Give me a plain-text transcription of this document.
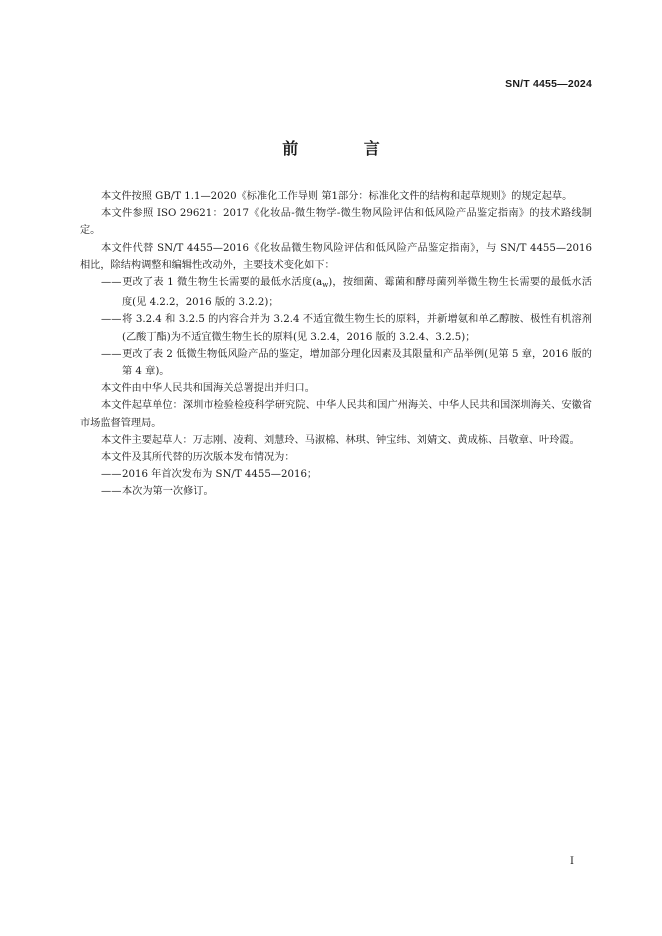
SN/T 4455—2024
前 言

本文件按照 GB/T 1.1—2020《标准化工作导则 第1部分：标准化文件的结构和起草规则》的规定起草。

本文件参照 ISO 29621：2017《化妆品-微生物学-微生物风险评估和低风险产品鉴定指南》的技术路线制定。

本文件代替 SN/T 4455—2016《化妆品微生物风险评估和低风险产品鉴定指南》，与 SN/T 4455—2016 相比，除结构调整和编辑性改动外，主要技术变化如下：

——更改了表 1 微生物生长需要的最低水活度$(a_w)$，按细菌、霉菌和酵母菌列举微生物生长需要的最低水活度(见 4.2.2，2016 版的 3.2.2)；

——将 3.2.4 和 3.2.5 的内容合并为 3.2.4 不适宜微生物生长的原料，并新增氨和单乙醇胺、极性有机溶剂(乙酸丁酯)为不适宜微生物生长的原料(见 3.2.4，2016 版的 3.2.4、3.2.5)；

——更改了表 2 低微生物低风险产品的鉴定，增加部分理化因素及其限量和产品举例(见第 5 章，2016 版的第 4 章)。

本文件由中华人民共和国海关总署提出并归口。

本文件起草单位：深圳市检验检疫科学研究院、中华人民共和国广州海关、中华人民共和国深圳海关、安徽省市场监督管理局。

本文件主要起草人：万志刚、凌莉、刘慧玲、马淑棉、林琪、钟宝纬、刘婧文、黄成栋、吕敬章、叶玲霞。

本文件及其所代替的历次版本发布情况为：

——2016 年首次发布为 SN/T 4455—2016；

——本次为第一次修订。

I
